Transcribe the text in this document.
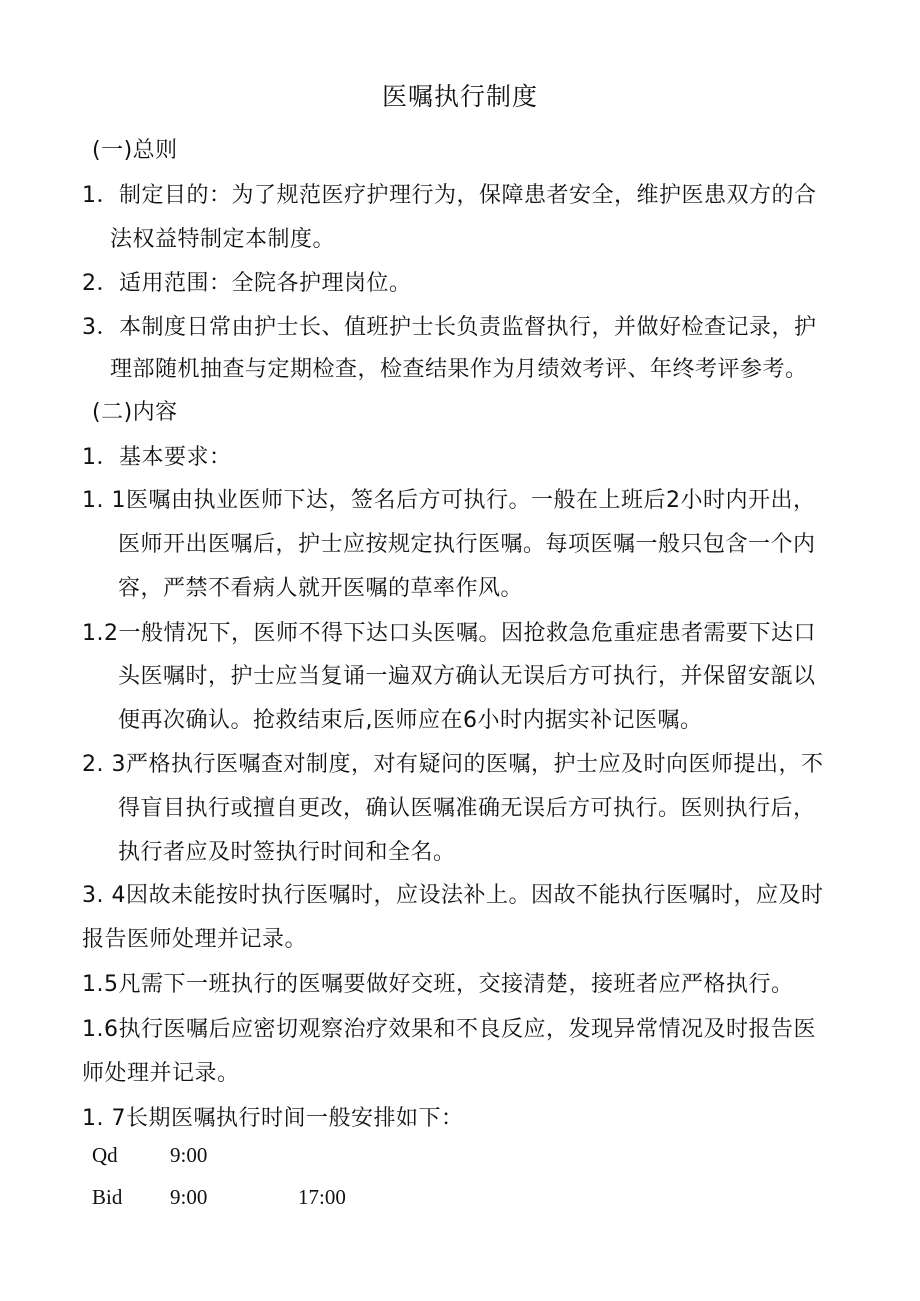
医嘱执行制度
(一)总则
1．制定目的：为了规范医疗护理行为，保障患者安全，维护医患双方的合
法权益特制定本制度。
2．适用范围：全院各护理岗位。
3．本制度日常由护士长、值班护士长负责监督执行，并做好检查记录，护
理部随机抽查与定期检查，检查结果作为月绩效考评、年终考评参考。
(二)内容
1．基本要求：
1. 1医嘱由执业医师下达，签名后方可执行。一般在上班后2小时内开出，
医师开出医嘱后，护士应按规定执行医嘱。每项医嘱一般只包含一个内
容，严禁不看病人就开医嘱的草率作风。
1.2一般情况下，医师不得下达口头医嘱。因抢救急危重症患者需要下达口
头医嘱时，护士应当复诵一遍双方确认无误后方可执行，并保留安瓿以
便再次确认。抢救结束后,医师应在6小时内据实补记医嘱。
2. 3严格执行医嘱查对制度，对有疑问的医嘱，护士应及时向医师提出，不
得盲目执行或擅自更改，确认医嘱准确无误后方可执行。医则执行后，
执行者应及时签执行时间和全名。
3. 4因故未能按时执行医嘱时，应设法补上。因故不能执行医嘱时，应及时
报告医师处理并记录。
1.5凡需下一班执行的医嘱要做好交班，交接清楚，接班者应严格执行。
1.6执行医嘱后应密切观察治疗效果和不良反应，发现异常情况及时报告医
师处理并记录。
1. 7长期医嘱执行时间一般安排如下：
Qd 9:00
Bid 9:00	17:00
